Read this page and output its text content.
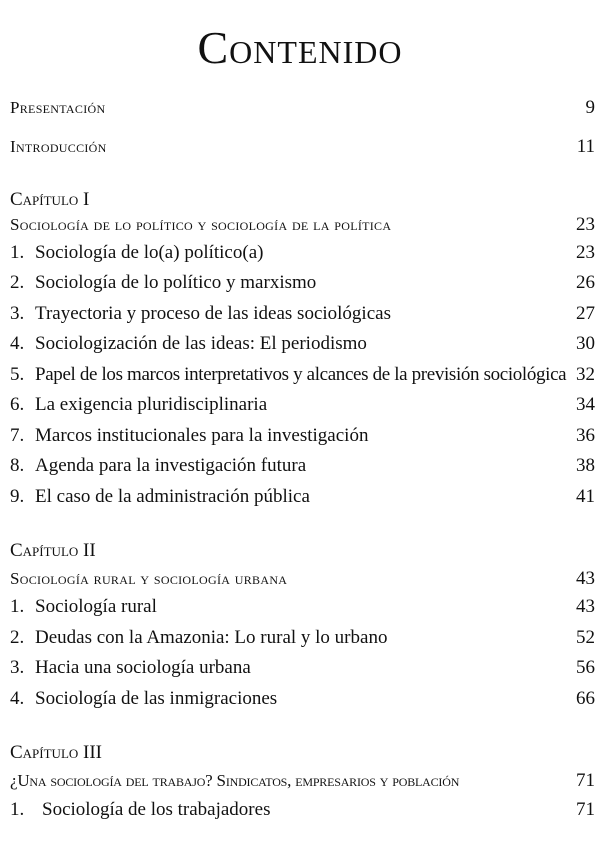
Contenido
Presentación	9
Introducción	11
Capítulo I
Sociología de lo político y sociología de la política	23
1. Sociología de lo(a) político(a)	23
2. Sociología de lo político y marxismo	26
3. Trayectoria y proceso de las ideas sociológicas	27
4. Sociologización de las ideas: El periodismo	30
5. Papel de los marcos interpretativos y alcances de la previsión sociológica 32
6. La exigencia pluridisciplinaria	34
7. Marcos institucionales para la investigación	36
8. Agenda para la investigación futura	38
9. El caso de la administración pública	41
Capítulo II
Sociología rural y sociología urbana	43
1. Sociología rural	43
2. Deudas con la Amazonia: Lo rural y lo urbano	52
3. Hacia una sociología urbana	56
4. Sociología de las inmigraciones	66
Capítulo III
¿Una sociología del trabajo? Sindicatos, empresarios y población	71
1. Sociología de los trabajadores	71
